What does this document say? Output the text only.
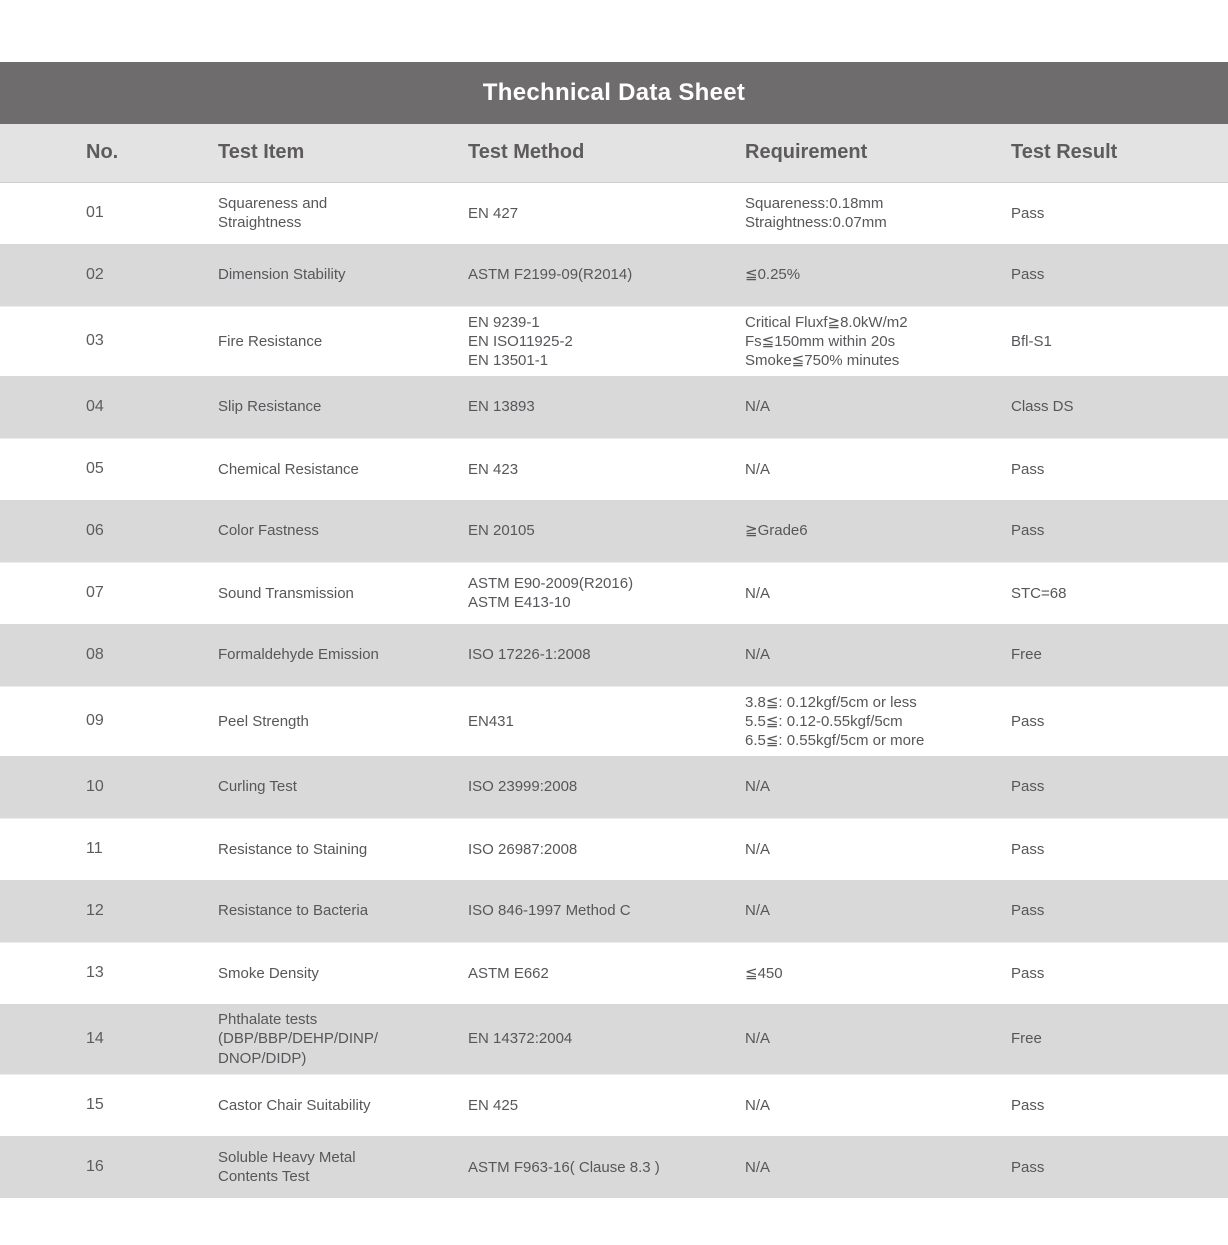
Thechnical Data Sheet
No.	Test Item	Test Method	Requirement	Test Result

01	Squareness and
Straightness	EN 427	Squareness:0.18mm
Straightness:0.07mm	Pass

02	Dimension Stability	ASTM F2199-09(R2014)	≦0.25%	Pass

03	Fire Resistance	EN 9239-1
EN ISO11925-2
EN 13501-1	Critical Fluxf≧8.0kW/m2
Fs≦150mm within 20s
Smoke≦750% minutes	Bfl-S1

04	Slip Resistance	EN 13893	N/A	Class DS

05	Chemical Resistance	EN 423	N/A	Pass

06	Color Fastness	EN 20105	≧Grade6	Pass

07	Sound Transmission	ASTM E90-2009(R2016)
ASTM E413-10	N/A	STC=68

08	Formaldehyde Emission	ISO 17226-1:2008	N/A	Free

09	Peel Strength	EN431	3.8≦: 0.12kgf/5cm or less
5.5≦: 0.12-0.55kgf/5cm
6.5≦: 0.55kgf/5cm or more	Pass

10	Curling Test	ISO 23999:2008	N/A	Pass

11	Resistance to Staining	ISO 26987:2008	N/A	Pass

12	Resistance to Bacteria	ISO 846-1997 Method C	N/A	Pass

13	Smoke Density	ASTM E662	≦450	Pass

14	Phthalate tests
(DBP/BBP/DEHP/DINP/
DNOP/DIDP)	EN 14372:2004	N/A	Free

15	Castor Chair Suitability	EN 425	N/A	Pass

16	Soluble Heavy Metal
Contents Test	ASTM F963-16( Clause 8.3 )	N/A	Pass
